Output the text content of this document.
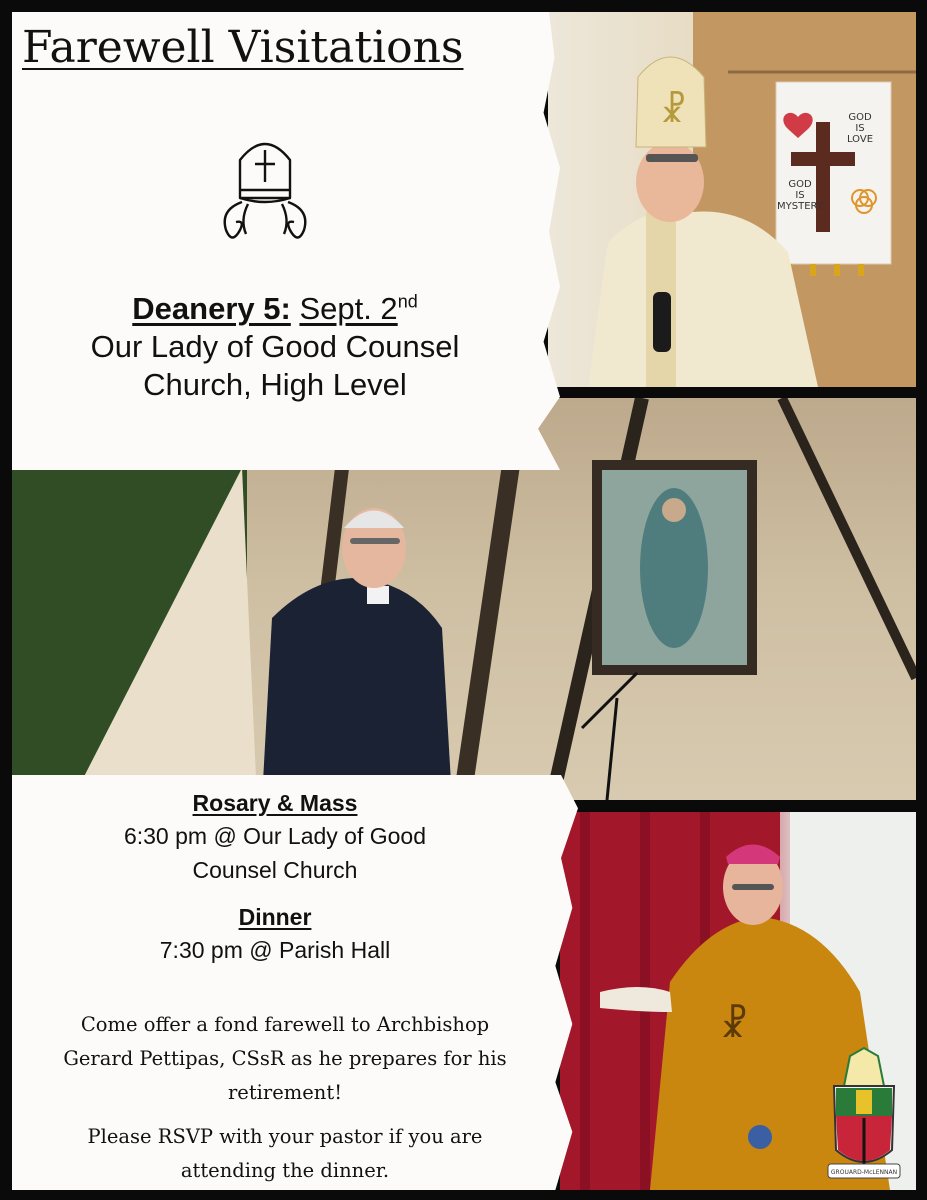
GOD
IS
LOVE
GOD
IS
MYSTERY
☧
☧
Farewell Visitations
Deanery 5: Sept. 2nd
Our Lady of Good Counsel
Church, High Level

Rosary & Mass

6:30 pm @ Our Lady of Good

Counsel Church

Dinner

7:30 pm @ Parish Hall

Come offer a fond farewell to Archbishop
Gerard Pettipas, CSsR as he prepares for his
retirement!
Please RSVP with your pastor if you are
attending the dinner.	GROUARD-McLENNAN
